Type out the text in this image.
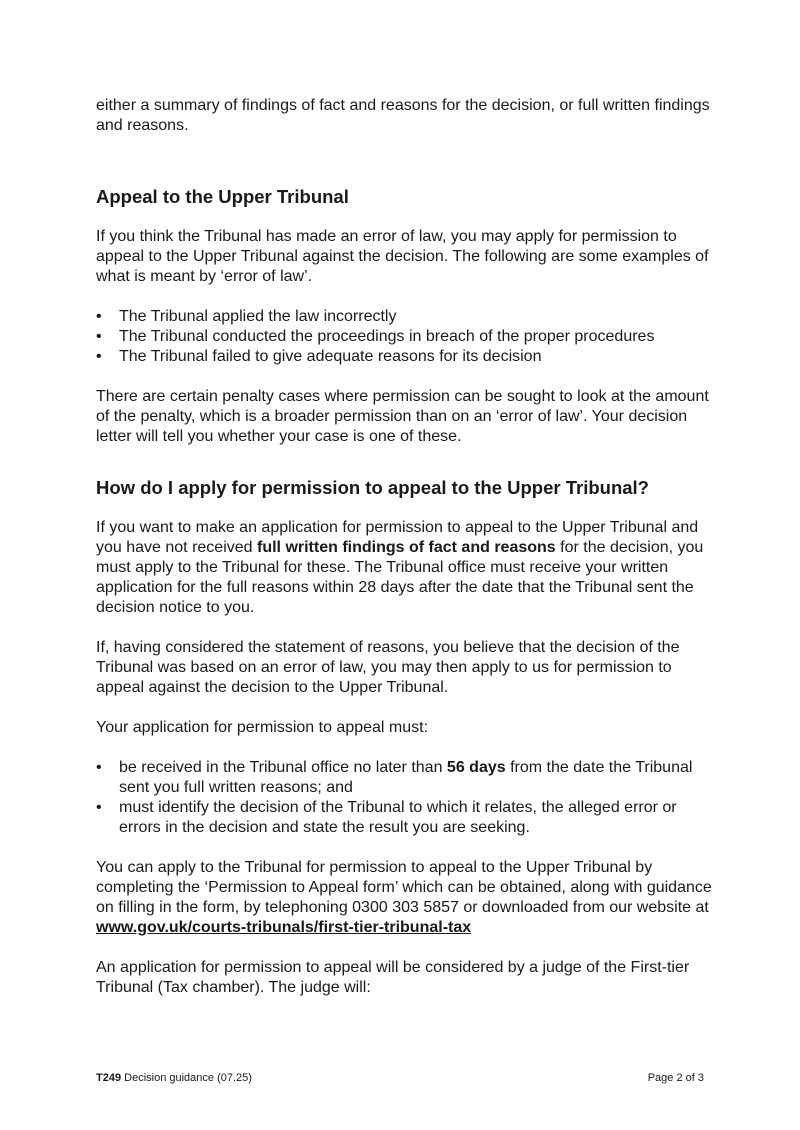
either a summary of findings of fact and reasons for the decision, or full written findings and reasons.

Appeal to the Upper Tribunal

If you think the Tribunal has made an error of law, you may apply for permission to appeal to the Upper Tribunal against the decision. The following are some examples of what is meant by ‘error of law’.

•	The Tribunal applied the law incorrectly
•	The Tribunal conducted the proceedings in breach of the proper procedures
•	The Tribunal failed to give adequate reasons for its decision

There are certain penalty cases where permission can be sought to look at the amount of the penalty, which is a broader permission than on an ‘error of law’. Your decision letter will tell you whether your case is one of these.

How do I apply for permission to appeal to the Upper Tribunal?

If you want to make an application for permission to appeal to the Upper Tribunal and you have not received full written findings of fact and reasons for the decision, you must apply to the Tribunal for these. The Tribunal office must receive your written application for the full reasons within 28 days after the date that the Tribunal sent the decision notice to you.

If, having considered the statement of reasons, you believe that the decision of the Tribunal was based on an error of law, you may then apply to us for permission to appeal against the decision to the Upper Tribunal.

Your application for permission to appeal must:

•	be received in the Tribunal office no later than 56 days from the date the Tribunal sent you full written reasons; and
•	must identify the decision of the Tribunal to which it relates, the alleged error or errors in the decision and state the result you are seeking.

You can apply to the Tribunal for permission to appeal to the Upper Tribunal by completing the ‘Permission to Appeal form’ which can be obtained, along with guidance on filling in the form, by telephoning 0300 303 5857 or downloaded from our website at www.gov.uk/courts-tribunals/first-tier-tribunal-tax

An application for permission to appeal will be considered by a judge of the First-tier Tribunal (Tax chamber). The judge will:

T249 Decision guidance (07.25)	Page 2 of 3
